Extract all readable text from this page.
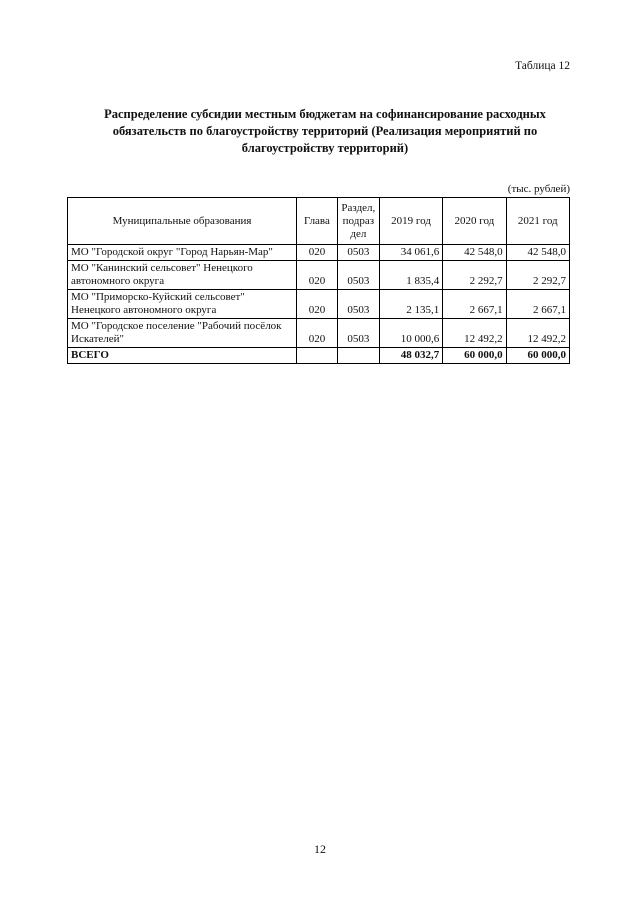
Таблица 12
Распределение субсидии местным бюджетам на софинансирование расходных обязательств по благоустройству территорий (Реализация мероприятий по благоустройству территорий)
(тыс. рублей)
Муниципальные образования	Глава	Раздел, подраз дел	2019 год	2020 год	2021 год
МО "Городской округ "Город Нарьян-Мар"	020	0503	34 061,6	42 548,0	42 548,0
МО "Канинский сельсовет" Ненецкого автономного округа	020	0503	1 835,4	2 292,7	2 292,7
МО "Приморско-Куйский сельсовет" Ненецкого автономного округа	020	0503	2 135,1	2 667,1	2 667,1
МО "Городское поселение "Рабочий посёлок Искателей"	020	0503	10 000,6	12 492,2	12 492,2
ВСЕГО			48 032,7	60 000,0	60 000,0
12
